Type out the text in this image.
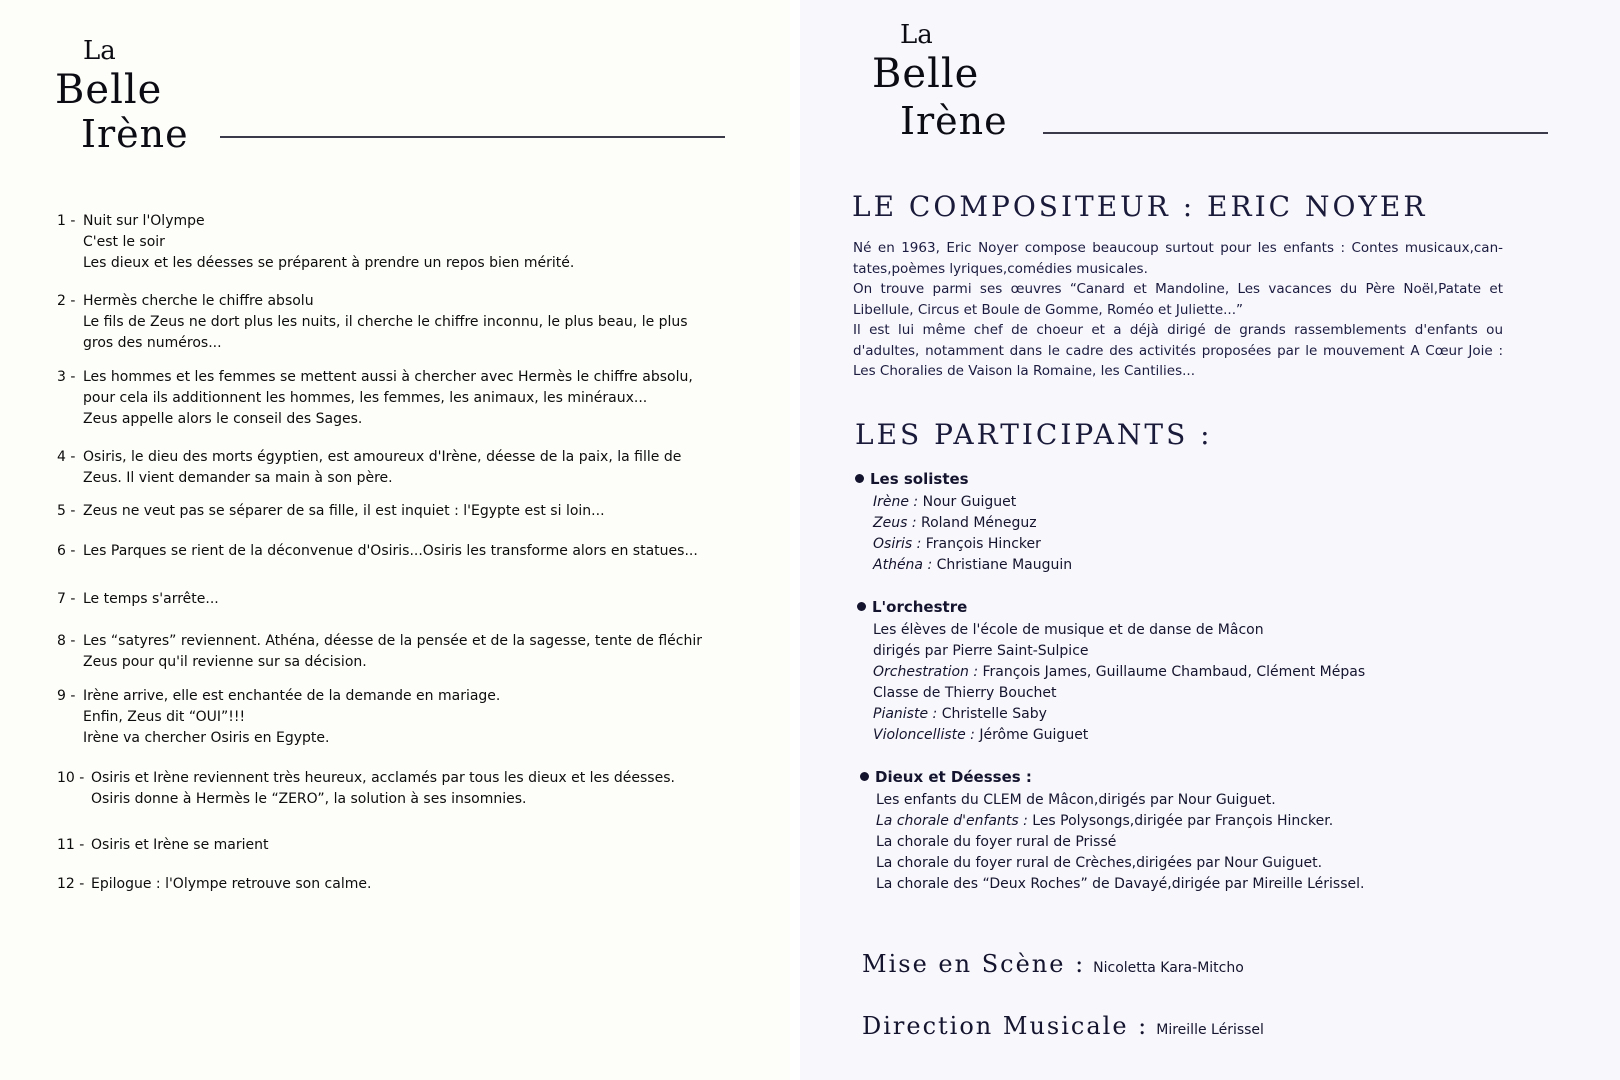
La
Belle
Irène
1 - Nuit sur l'Olympe
C'est le soir
Les dieux et les déesses se préparent à prendre un repos bien mérité.
2 - Hermès cherche le chiffre absolu
Le fils de Zeus ne dort plus les nuits, il cherche le chiffre inconnu, le plus beau, le plus
gros des numéros...
3 - Les hommes et les femmes se mettent aussi à chercher avec Hermès le chiffre absolu,
pour cela ils additionnent les hommes, les femmes, les animaux, les minéraux...
Zeus appelle alors le conseil des Sages.
4 - Osiris, le dieu des morts égyptien, est amoureux d'Irène, déesse de la paix, la fille de
Zeus. Il vient demander sa main à son père.
5 - Zeus ne veut pas se séparer de sa fille, il est inquiet : l'Egypte est si loin...
6 - Les Parques se rient de la déconvenue d'Osiris...Osiris les transforme alors en statues...
7 - Le temps s'arrête...
8 - Les “satyres” reviennent. Athéna, déesse de la pensée et de la sagesse, tente de fléchir
Zeus pour qu'il revienne sur sa décision.
9 - Irène arrive, elle est enchantée de la demande en mariage.
Enfin, Zeus dit “OUI”!!!
Irène va chercher Osiris en Egypte.
10 - Osiris et Irène reviennent très heureux, acclamés par tous les dieux et les déesses.
Osiris donne à Hermès le “ZERO”, la solution à ses insomnies.
11 - Osiris et Irène se marient
12 - Epilogue : l'Olympe retrouve son calme.
La
Belle
Irène
LE COMPOSITEUR : ERIC NOYER
Né en 1963, Eric Noyer compose beaucoup surtout pour les enfants : Contes musicaux,can-
tates,poèmes lyriques,comédies musicales.
On trouve parmi ses œuvres “Canard et Mandoline, Les vacances du Père Noël,Patate et
Libellule, Circus et Boule de Gomme, Roméo et Juliette...”
Il est lui même chef de choeur et a déjà dirigé de grands rassemblements d'enfants ou
d'adultes, notamment dans le cadre des activités proposées par le mouvement A Cœur Joie :
Les Choralies de Vaison la Romaine, les Cantilies...
LES PARTICIPANTS :
Les solistes
Irène : Nour Guiguet
Zeus : Roland Méneguz
Osiris : François Hincker
Athéna : Christiane Mauguin
L'orchestre
Les élèves de l'école de musique et de danse de Mâcon
dirigés par Pierre Saint-Sulpice
Orchestration : François James, Guillaume Chambaud, Clément Mépas
Classe de Thierry Bouchet
Pianiste : Christelle Saby
Violoncelliste : Jérôme Guiguet
Dieux et Déesses :
Les enfants du CLEM de Mâcon,dirigés par Nour Guiguet.
La chorale d'enfants : Les Polysongs,dirigée par François Hincker.
La chorale du foyer rural de Prissé
La chorale du foyer rural de Crèches,dirigées par Nour Guiguet.
La chorale des “Deux Roches” de Davayé,dirigée par Mireille Lérissel.
Mise en Scène : Nicoletta Kara-Mitcho
Direction Musicale : Mireille Lérissel
